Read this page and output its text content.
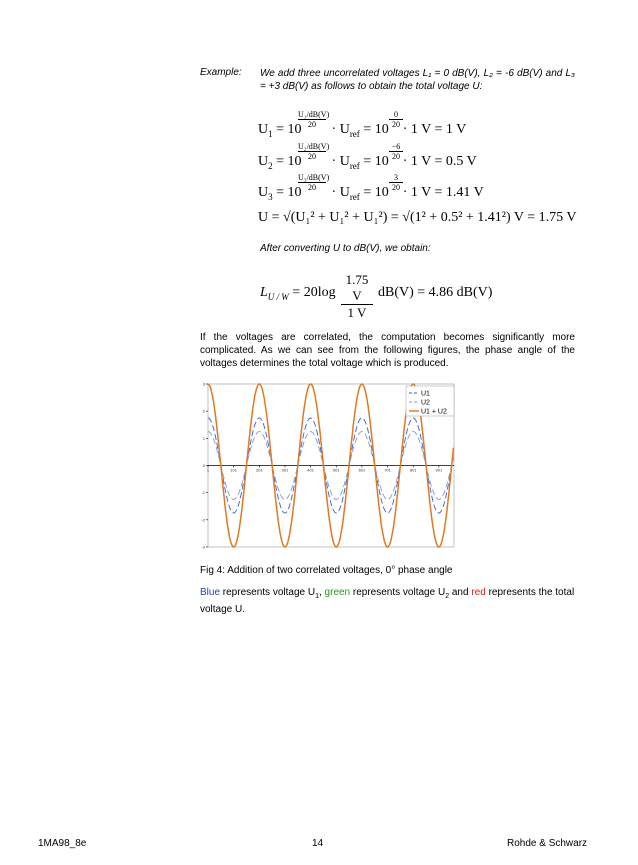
Example: We add three uncorrelated voltages L₁ = 0 dB(V), L₂ = -6 dB(V) and L₃ = +3 dB(V) as follows to obtain the total voltage U:
$U_1 = 10 \cdot U_{ref} = 10 \cdot 1$ V = 1 V
$\frac{\text{U₁/dB(V)}}{20}$	$\frac{0}{20}$
$U_2 = 10 \cdot U_{ref} = 10 \cdot 1$ V = 0.5 V
$\frac{\text{U₂/dB(V)}}{20}$	$\frac{-6}{20}$
$U_3 = 10 \cdot U_{ref} = 10 \cdot 1$ V = 1.41 V
$\frac{\text{U₃/dB(V)}}{20}$	$\frac{3}{20}$
U = √(U₁² + U₁² + U₁²) = √(1² + 0.5² + 1.41²) V = 1.75 V
After converting U to dB(V), we obtain:
$L_{U / W} = 20\log$
1.75 V
1 V
dB(V) = 4.86 dB(V)
If the voltages are correlated, the computation becomes significantly more complicated. As we can see from the following figures, the phase angle of the voltages determines the total voltage which is produced.
-3
-2
-1
0
1
2
3
1	101	201	301	401	501	601	701	801	901
U1
U2
U1 + U2
Fig 4: Addition of two correlated voltages, 0° phase angle
Blue represents voltage $U_1$, green represents voltage $U_2$ and red represents the total voltage U.
1MA98_8e	14	Rohde & Schwarz
